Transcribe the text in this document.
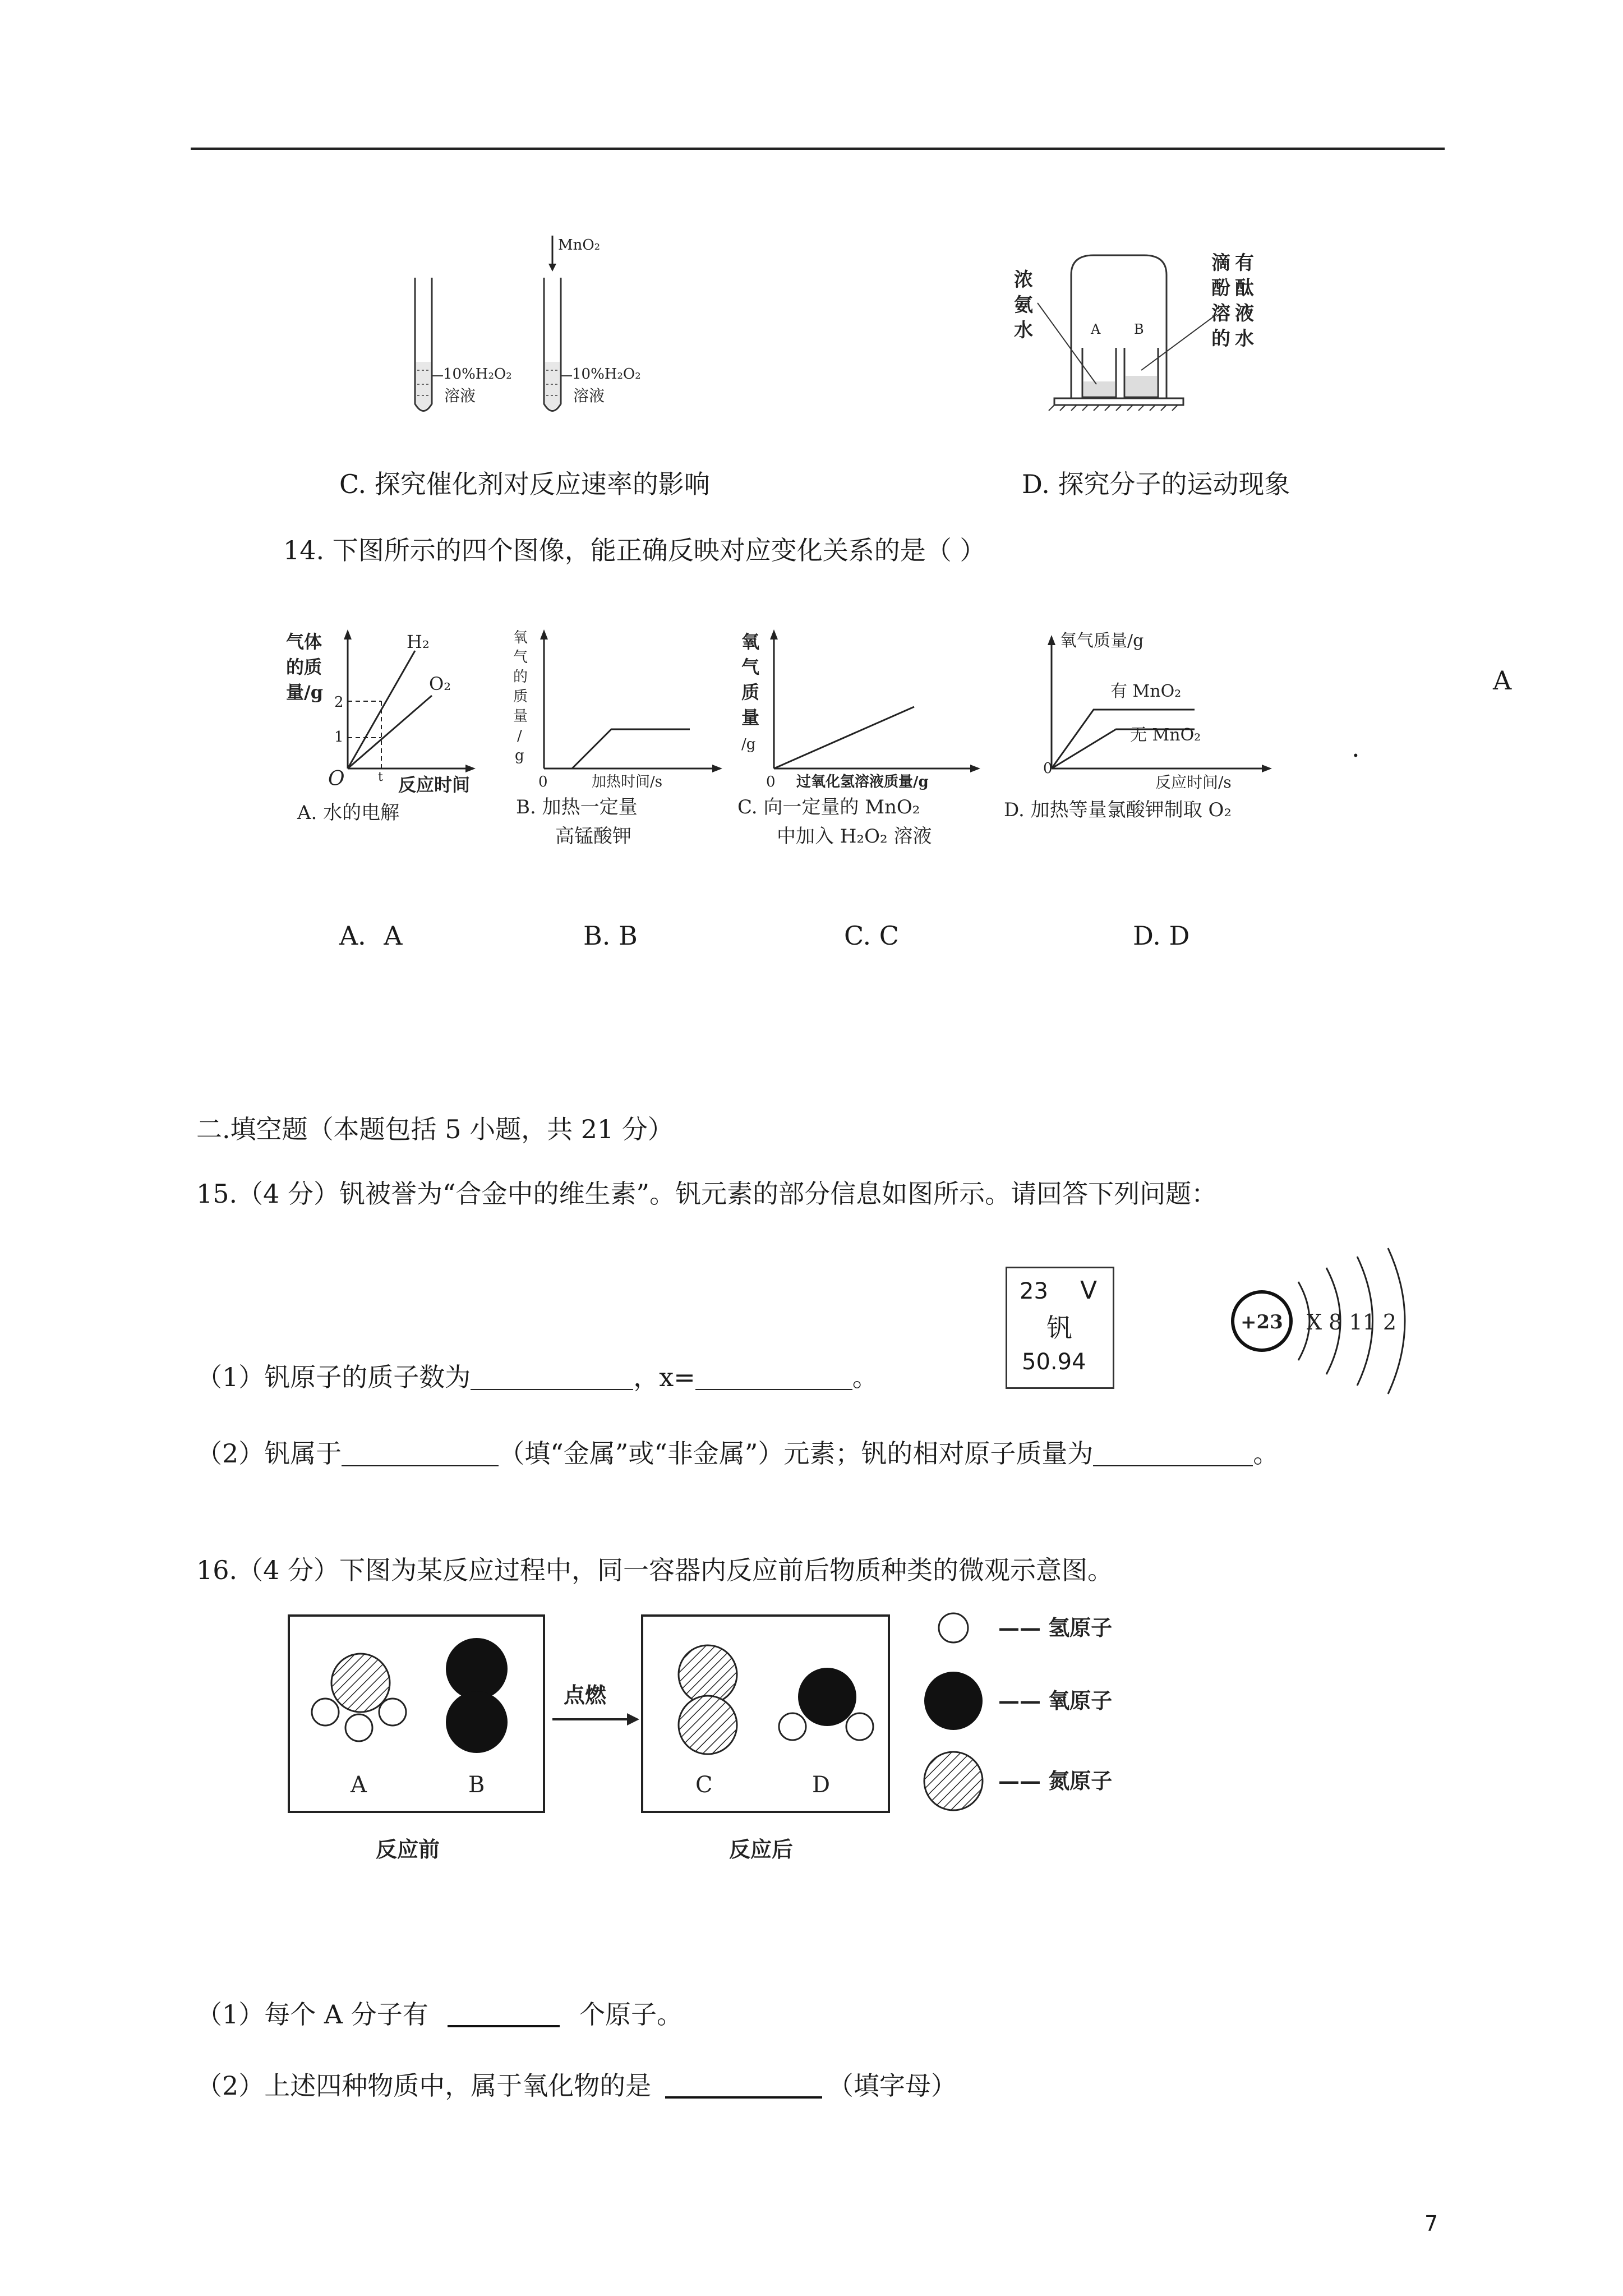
10%H₂O₂
溶液
10%H₂O₂
溶液
MnO₂
C. 探究催化剂对反应速率的影响
A B
浓
氨
水
滴
酚
溶
的
有
酞
液
水
D. 探究分子的运动现象
14. 下图所示的四个图像，能正确反映对应变化关系的是（ ）
A
.
气体
的质
量/g 2
1
O	t 反应时间
H₂
O₂
A. 水的电解
氧
气
的
质
量
/
g
0	加热时间/s
B. 加热一定量
高锰酸钾
氧
气
质
量
/g
0 过氧化氢溶液质量/g
C. 向一定量的 MnO₂
中加入 H₂O₂ 溶液
氧气质量/g
有 MnO₂
无 MnO₂
0
反应时间/s
D. 加热等量氯酸钾制取 O₂
A．A	B. B	C. C	D. D
二.填空题（本题包括 5 小题，共 21 分）
15.（4 分）钒被誉为“合金中的维生素”。钒元素的部分信息如图所示。请回答下列问题：
23 V
钒
50.94
+23 X 8 11 2
（1）钒原子的质子数为	，x=	。
（2）钒属于	（填“金属”或“非金属”）元素；钒的相对原子质量为	。
16.（4 分）下图为某反应过程中，同一容器内反应前后物质种类的微观示意图。
A	B
点燃
C	D
反应前	反应后
—— 氢原子
—— 氧原子
—— 氮原子
（1）每个 A 分子有	个原子。
（2）上述四种物质中，属于氧化物的是	（填字母）
7
